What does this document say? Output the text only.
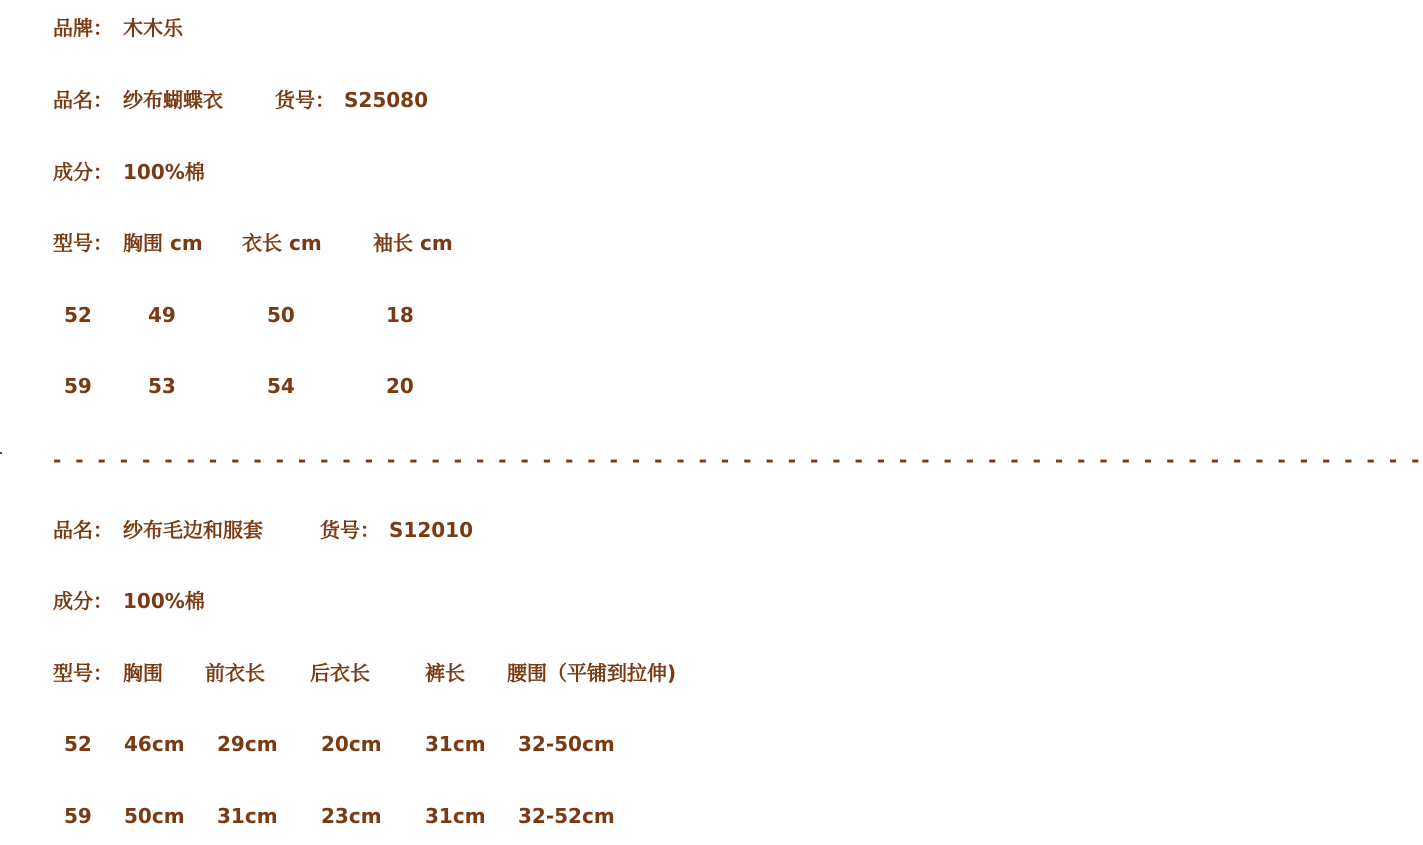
品牌： 木木乐
品名： 纱布蝴蝶衣	货号： S25080
成分： 100%棉
型号： 胸围 cm 衣长 cm	袖长 cm
52	49	50	18
59	53	54	20
- - - - - - - - - - - - - - - - - - - - - - - - - - - - - - - - - - - - - - - - - - - - - - - - - - - - - - - - - - - - - -
品名： 纱布毛边和服套	货号： S12010
成分： 100%棉
型号： 胸围 前衣长 后衣长	裤长 腰围（平铺到拉伸)
52 46cm 29cm 20cm 31cm 32-50cm
59 50cm 31cm 23cm 31cm 32-52cm
